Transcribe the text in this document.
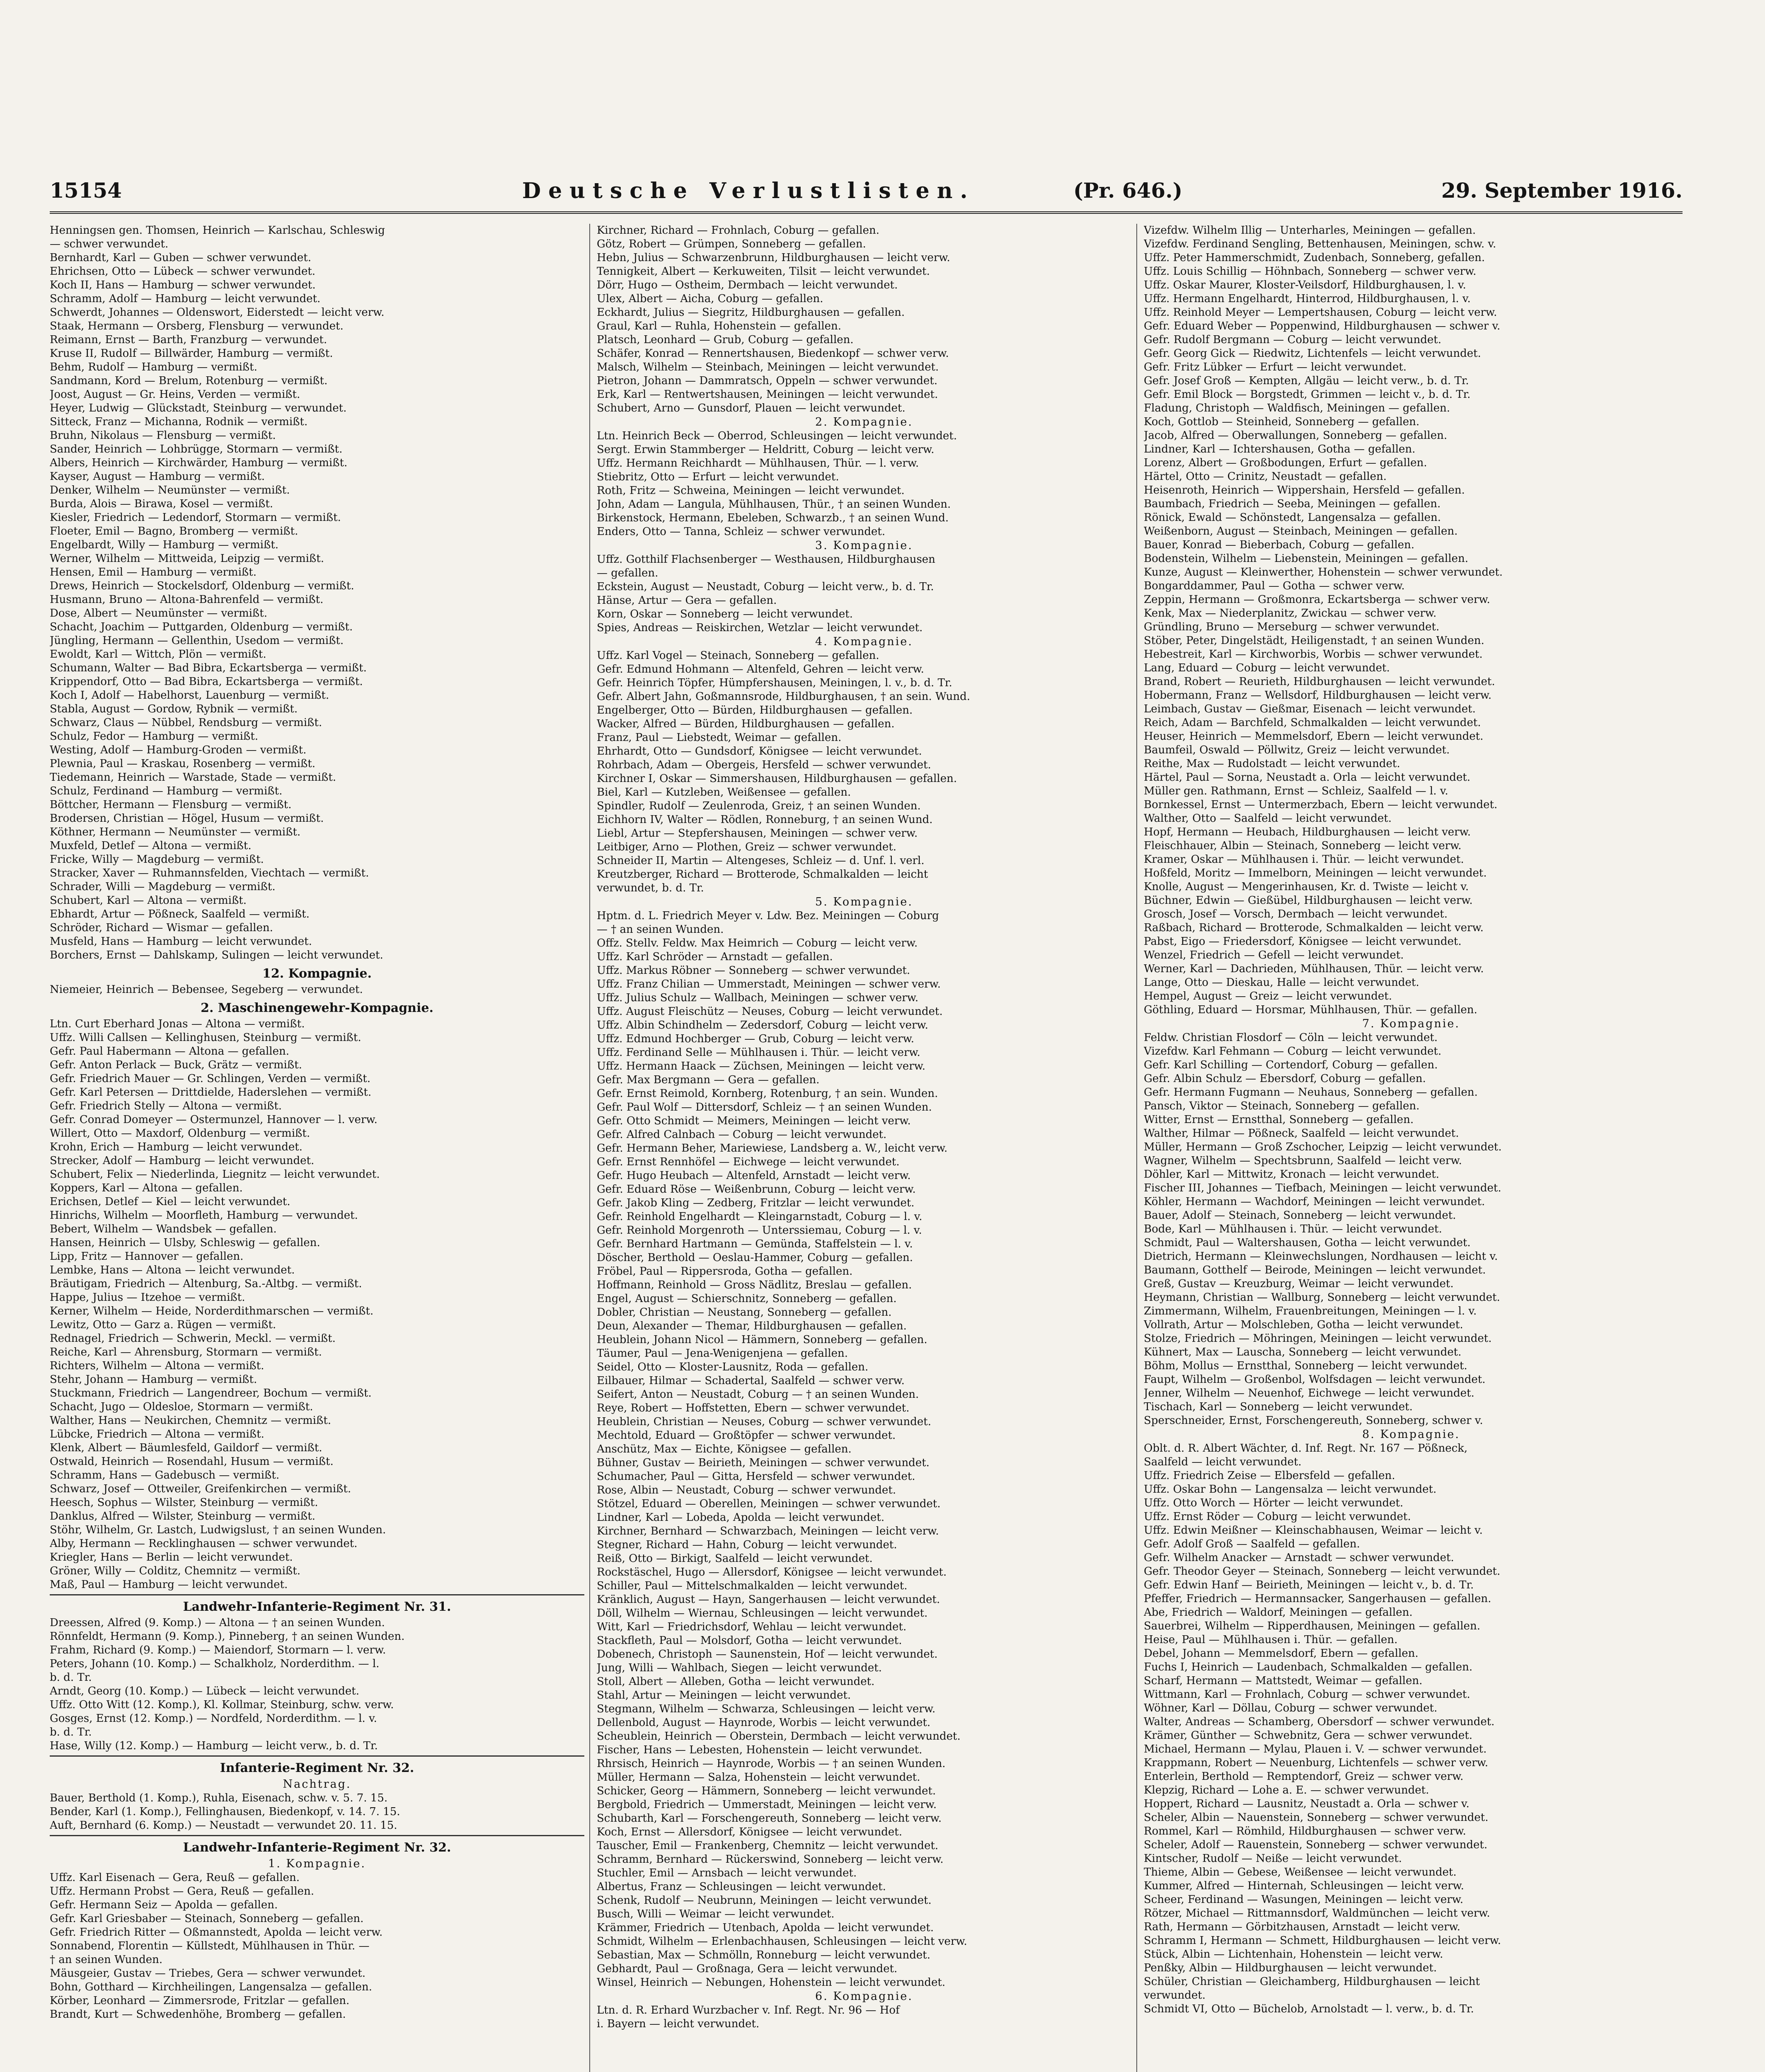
15154	Deutsche Verlustlisten.	(Pr. 646.)	29. September 1916.
Henningsen gen. Thomsen, Heinrich — Karlschau, Schleswig
— schwer verwundet.
Bernhardt, Karl — Guben — schwer verwundet.
Ehrichsen, Otto — Lübeck — schwer verwundet.
Koch II, Hans — Hamburg — schwer verwundet.
Schramm, Adolf — Hamburg — leicht verwundet.
Schwerdt, Johannes — Oldenswort, Eiderstedt — leicht verw.
Staak, Hermann — Orsberg, Flensburg — verwundet.
Reimann, Ernst — Barth, Franzburg — verwundet.
Kruse II, Rudolf — Billwärder, Hamburg — vermißt.
Behm, Rudolf — Hamburg — vermißt.
Sandmann, Kord — Brelum, Rotenburg — vermißt.
Joost, August — Gr. Heins, Verden — vermißt.
Heyer, Ludwig — Glückstadt, Steinburg — verwundet.
Sitteck, Franz — Michanna, Rodnik — vermißt.
Bruhn, Nikolaus — Flensburg — vermißt.
Sander, Heinrich — Lohbrügge, Stormarn — vermißt.
Albers, Heinrich — Kirchwärder, Hamburg — vermißt.
Kayser, August — Hamburg — vermißt.
Denker, Wilhelm — Neumünster — vermißt.
Burda, Alois — Birawa, Kosel — vermißt.
Kiesler, Friedrich — Ledendorf, Stormarn — vermißt.
Floeter, Emil — Bagno, Bromberg — vermißt.
Engelbardt, Willy — Hamburg — vermißt.
Werner, Wilhelm — Mittweida, Leipzig — vermißt.
Hensen, Emil — Hamburg — vermißt.
Drews, Heinrich — Stockelsdorf, Oldenburg — vermißt.
Husmann, Bruno — Altona-Bahrenfeld — vermißt.
Dose, Albert — Neumünster — vermißt.
Schacht, Joachim — Puttgarden, Oldenburg — vermißt.
Jüngling, Hermann — Gellenthin, Usedom — vermißt.
Ewoldt, Karl — Wittch, Plön — vermißt.
Schumann, Walter — Bad Bibra, Eckartsberga — vermißt.
Krippendorf, Otto — Bad Bibra, Eckartsberga — vermißt.
Koch I, Adolf — Habelhorst, Lauenburg — vermißt.
Stabla, August — Gordow, Rybnik — vermißt.
Schwarz, Claus — Nübbel, Rendsburg — vermißt.
Schulz, Fedor — Hamburg — vermißt.
Westing, Adolf — Hamburg-Groden — vermißt.
Plewnia, Paul — Kraskau, Rosenberg — vermißt.
Tiedemann, Heinrich — Warstade, Stade — vermißt.
Schulz, Ferdinand — Hamburg — vermißt.
Böttcher, Hermann — Flensburg — vermißt.
Brodersen, Christian — Högel, Husum — vermißt.
Köthner, Hermann — Neumünster — vermißt.
Muxfeld, Detlef — Altona — vermißt.
Fricke, Willy — Magdeburg — vermißt.
Stracker, Xaver — Ruhmannsfelden, Viechtach — vermißt.
Schrader, Willi — Magdeburg — vermißt.
Schubert, Karl — Altona — vermißt.
Ebhardt, Artur — Pößneck, Saalfeld — vermißt.
Schröder, Richard — Wismar — gefallen.
Musfeld, Hans — Hamburg — leicht verwundet.
Borchers, Ernst — Dahlskamp, Sulingen — leicht verwundet.
12. Kompagnie.
Niemeier, Heinrich — Bebensee, Segeberg — verwundet.
2. Maschinengewehr-Kompagnie.
Ltn. Curt Eberhard Jonas — Altona — vermißt.
Uffz. Willi Callsen — Kellinghusen, Steinburg — vermißt.
Gefr. Paul Habermann — Altona — gefallen.
Gefr. Anton Perlack — Buck, Grätz — vermißt.
Gefr. Friedrich Mauer — Gr. Schlingen, Verden — vermißt.
Gefr. Karl Petersen — Drittdielde, Haderslehen — vermißt.
Gefr. Friedrich Stelly — Altona — vermißt.
Gefr. Conrad Domeyer — Ostermunzel, Hannover — l. verw.
Willert, Otto — Maxdorf, Oldenburg — vermißt.
Krohn, Erich — Hamburg — leicht verwundet.
Strecker, Adolf — Hamburg — leicht verwundet.
Schubert, Felix — Niederlinda, Liegnitz — leicht verwundet.
Koppers, Karl — Altona — gefallen.
Erichsen, Detlef — Kiel — leicht verwundet.
Hinrichs, Wilhelm — Moorfleth, Hamburg — verwundet.
Bebert, Wilhelm — Wandsbek — gefallen.
Hansen, Heinrich — Ulsby, Schleswig — gefallen.
Lipp, Fritz — Hannover — gefallen.
Lembke, Hans — Altona — leicht verwundet.
Bräutigam, Friedrich — Altenburg, Sa.-Altbg. — vermißt.
Happe, Julius — Itzehoe — vermißt.
Kerner, Wilhelm — Heide, Norderdithmarschen — vermißt.
Lewitz, Otto — Garz a. Rügen — vermißt.
Rednagel, Friedrich — Schwerin, Meckl. — vermißt.
Reiche, Karl — Ahrensburg, Stormarn — vermißt.
Richters, Wilhelm — Altona — vermißt.
Stehr, Johann — Hamburg — vermißt.
Stuckmann, Friedrich — Langendreer, Bochum — vermißt.
Schacht, Jugo — Oldesloe, Stormarn — vermißt.
Walther, Hans — Neukirchen, Chemnitz — vermißt.
Lübcke, Friedrich — Altona — vermißt.
Klenk, Albert — Bäumlesfeld, Gaildorf — vermißt.
Ostwald, Heinrich — Rosendahl, Husum — vermißt.
Schramm, Hans — Gadebusch — vermißt.
Schwarz, Josef — Ottweiler, Greifenkirchen — vermißt.
Heesch, Sophus — Wilster, Steinburg — vermißt.
Danklus, Alfred — Wilster, Steinburg — vermißt.
Stöhr, Wilhelm, Gr. Lastch, Ludwigslust, † an seinen Wunden.
Alby, Hermann — Recklinghausen — schwer verwundet.
Kriegler, Hans — Berlin — leicht verwundet.
Gröner, Willy — Colditz, Chemnitz — vermißt.
Maß, Paul — Hamburg — leicht verwundet.
Landwehr-Infanterie-Regiment Nr. 31.
Dreessen, Alfred (9. Komp.) — Altona — † an seinen Wunden.
Rönnfeldt, Hermann (9. Komp.), Pinneberg, † an seinen Wunden.
Frahm, Richard (9. Komp.) — Maiendorf, Stormarn — l. verw.
Peters, Johann (10. Komp.) — Schalkholz, Norderdithm. — l.
b. d. Tr.
Arndt, Georg (10. Komp.) — Lübeck — leicht verwundet.
Uffz. Otto Witt (12. Komp.), Kl. Kollmar, Steinburg, schw. verw.
Gosges, Ernst (12. Komp.) — Nordfeld, Norderdithm. — l. v.
b. d. Tr.
Hase, Willy (12. Komp.) — Hamburg — leicht verw., b. d. Tr.
Infanterie-Regiment Nr. 32.
Nachtrag.
Bauer, Berthold (1. Komp.), Ruhla, Eisenach, schw. v. 5. 7. 15.
Bender, Karl (1. Komp.), Fellinghausen, Biedenkopf, v. 14. 7. 15.
Auft, Bernhard (6. Komp.) — Neustadt — verwundet 20. 11. 15.
Landwehr-Infanterie-Regiment Nr. 32.
1. Kompagnie.
Uffz. Karl Eisenach — Gera, Reuß — gefallen.
Uffz. Hermann Probst — Gera, Reuß — gefallen.
Gefr. Hermann Seiz — Apolda — gefallen.
Gefr. Karl Griesbaber — Steinach, Sonneberg — gefallen.
Gefr. Friedrich Ritter — Oßmannstedt, Apolda — leicht verw.
Sonnabend, Florentin — Küllstedt, Mühlhausen in Thür. —
† an seinen Wunden.
Mäusgeier, Gustav — Triebes, Gera — schwer verwundet.
Bohn, Gotthard — Kirchheilingen, Langensalza — gefallen.
Körber, Leonhard — Zimmersrode, Fritzlar — gefallen.
Brandt, Kurt — Schwedenhöhe, Bromberg — gefallen.
Kirchner, Richard — Frohnlach, Coburg — gefallen.
Götz, Robert — Grümpen, Sonneberg — gefallen.
Hebn, Julius — Schwarzenbrunn, Hildburghausen — leicht verw.
Tennigkeit, Albert — Kerkuweiten, Tilsit — leicht verwundet.
Dörr, Hugo — Ostheim, Dermbach — leicht verwundet.
Ulex, Albert — Aicha, Coburg — gefallen.
Eckhardt, Julius — Siegritz, Hildburghausen — gefallen.
Graul, Karl — Ruhla, Hohenstein — gefallen.
Platsch, Leonhard — Grub, Coburg — gefallen.
Schäfer, Konrad — Rennertshausen, Biedenkopf — schwer verw.
Malsch, Wilhelm — Steinbach, Meiningen — leicht verwundet.
Pietron, Johann — Dammratsch, Oppeln — schwer verwundet.
Erk, Karl — Rentwertshausen, Meiningen — leicht verwundet.
Schubert, Arno — Gunsdorf, Plauen — leicht verwundet.
2. Kompagnie.
Ltn. Heinrich Beck — Oberrod, Schleusingen — leicht verwundet.
Sergt. Erwin Stammberger — Heldritt, Coburg — leicht verw.
Uffz. Hermann Reichhardt — Mühlhausen, Thür. — l. verw.
Stiebritz, Otto — Erfurt — leicht verwundet.
Roth, Fritz — Schweina, Meiningen — leicht verwundet.
John, Adam — Langula, Mühlhausen, Thür., † an seinen Wunden.
Birkenstock, Hermann, Ebeleben, Schwarzb., † an seinen Wund.
Enders, Otto — Tanna, Schleiz — schwer verwundet.
3. Kompagnie.
Uffz. Gotthilf Flachsenberger — Westhausen, Hildburghausen
— gefallen.
Eckstein, August — Neustadt, Coburg — leicht verw., b. d. Tr.
Hänse, Artur — Gera — gefallen.
Korn, Oskar — Sonneberg — leicht verwundet.
Spies, Andreas — Reiskirchen, Wetzlar — leicht verwundet.
4. Kompagnie.
Uffz. Karl Vogel — Steinach, Sonneberg — gefallen.
Gefr. Edmund Hohmann — Altenfeld, Gehren — leicht verw.
Gefr. Heinrich Töpfer, Hümpfershausen, Meiningen, l. v., b. d. Tr.
Gefr. Albert Jahn, Goßmannsrode, Hildburghausen, † an sein. Wund.
Engelberger, Otto — Bürden, Hildburghausen — gefallen.
Wacker, Alfred — Bürden, Hildburghausen — gefallen.
Franz, Paul — Liebstedt, Weimar — gefallen.
Ehrhardt, Otto — Gundsdorf, Königsee — leicht verwundet.
Rohrbach, Adam — Obergeis, Hersfeld — schwer verwundet.
Kirchner I, Oskar — Simmershausen, Hildburghausen — gefallen.
Biel, Karl — Kutzleben, Weißensee — gefallen.
Spindler, Rudolf — Zeulenroda, Greiz, † an seinen Wunden.
Eichhorn IV, Walter — Rödlen, Ronneburg, † an seinen Wund.
Liebl, Artur — Stepfershausen, Meiningen — schwer verw.
Leitbiger, Arno — Plothen, Greiz — schwer verwundet.
Schneider II, Martin — Altengeses, Schleiz — d. Unf. l. verl.
Kreutzberger, Richard — Brotterode, Schmalkalden — leicht
verwundet, b. d. Tr.
5. Kompagnie.
Hptm. d. L. Friedrich Meyer v. Ldw. Bez. Meiningen — Coburg
— † an seinen Wunden.
Offz. Stellv. Feldw. Max Heimrich — Coburg — leicht verw.
Uffz. Karl Schröder — Arnstadt — gefallen.
Uffz. Markus Röbner — Sonneberg — schwer verwundet.
Uffz. Franz Chilian — Ummerstadt, Meiningen — schwer verw.
Uffz. Julius Schulz — Wallbach, Meiningen — schwer verw.
Uffz. August Fleischütz — Neuses, Coburg — leicht verwundet.
Uffz. Albin Schindhelm — Zedersdorf, Coburg — leicht verw.
Uffz. Edmund Hochberger — Grub, Coburg — leicht verw.
Uffz. Ferdinand Selle — Mühlhausen i. Thür. — leicht verw.
Uffz. Hermann Haack — Züchsen, Meiningen — leicht verw.
Gefr. Max Bergmann — Gera — gefallen.
Gefr. Ernst Reimold, Kornberg, Rotenburg, † an sein. Wunden.
Gefr. Paul Wolf — Dittersdorf, Schleiz — † an seinen Wunden.
Gefr. Otto Schmidt — Meimers, Meiningen — leicht verw.
Gefr. Alfred Calnbach — Coburg — leicht verwundet.
Gefr. Hermann Beher, Mariewiese, Landsberg a. W., leicht verw.
Gefr. Ernst Rennhöfel — Eichwege — leicht verwundet.
Gefr. Hugo Heubach — Altenfeld, Arnstadt — leicht verw.
Gefr. Eduard Röse — Weißenbrunn, Coburg — leicht verw.
Gefr. Jakob Kling — Zedberg, Fritzlar — leicht verwundet.
Gefr. Reinhold Engelhardt — Kleingarnstadt, Coburg — l. v.
Gefr. Reinhold Morgenroth — Unterssiemau, Coburg — l. v.
Gefr. Bernhard Hartmann — Gemünda, Staffelstein — l. v.
Döscher, Berthold — Oeslau-Hammer, Coburg — gefallen.
Fröbel, Paul — Rippersroda, Gotha — gefallen.
Hoffmann, Reinhold — Gross Nädlitz, Breslau — gefallen.
Engel, August — Schierschnitz, Sonneberg — gefallen.
Dobler, Christian — Neustang, Sonneberg — gefallen.
Deun, Alexander — Themar, Hildburghausen — gefallen.
Heublein, Johann Nicol — Hämmern, Sonneberg — gefallen.
Täumer, Paul — Jena-Wenigenjena — gefallen.
Seidel, Otto — Kloster-Lausnitz, Roda — gefallen.
Eilbauer, Hilmar — Schadertal, Saalfeld — schwer verw.
Seifert, Anton — Neustadt, Coburg — † an seinen Wunden.
Reye, Robert — Hoffstetten, Ebern — schwer verwundet.
Heublein, Christian — Neuses, Coburg — schwer verwundet.
Mechtold, Eduard — Großtöpfer — schwer verwundet.
Anschütz, Max — Eichte, Königsee — gefallen.
Bühner, Gustav — Beirieth, Meiningen — schwer verwundet.
Schumacher, Paul — Gitta, Hersfeld — schwer verwundet.
Rose, Albin — Neustadt, Coburg — schwer verwundet.
Stötzel, Eduard — Oberellen, Meiningen — schwer verwundet.
Lindner, Karl — Lobeda, Apolda — leicht verwundet.
Kirchner, Bernhard — Schwarzbach, Meiningen — leicht verw.
Stegner, Richard — Hahn, Coburg — leicht verwundet.
Reiß, Otto — Birkigt, Saalfeld — leicht verwundet.
Rockstäschel, Hugo — Allersdorf, Königsee — leicht verwundet.
Schiller, Paul — Mittelschmalkalden — leicht verwundet.
Kränklich, August — Hayn, Sangerhausen — leicht verwundet.
Döll, Wilhelm — Wiernau, Schleusingen — leicht verwundet.
Witt, Karl — Friedrichsdorf, Wehlau — leicht verwundet.
Stackfleth, Paul — Molsdorf, Gotha — leicht verwundet.
Dobenech, Christoph — Saunenstein, Hof — leicht verwundet.
Jung, Willi — Wahlbach, Siegen — leicht verwundet.
Stoll, Albert — Alleben, Gotha — leicht verwundet.
Stahl, Artur — Meiningen — leicht verwundet.
Stegmann, Wilhelm — Schwarza, Schleusingen — leicht verw.
Dellenbold, August — Haynrode, Worbis — leicht verwundet.
Scheublein, Heinrich — Oberstein, Dermbach — leicht verwundet.
Fischer, Hans — Lebesten, Hohenstein — leicht verwundet.
Rhrsisch, Heinrich — Haynrode, Worbis — † an seinen Wunden.
Müller, Hermann — Salza, Hohenstein — leicht verwundet.
Schicker, Georg — Hämmern, Sonneberg — leicht verwundet.
Bergbold, Friedrich — Ummerstadt, Meiningen — leicht verw.
Schubarth, Karl — Forschengereuth, Sonneberg — leicht verw.
Koch, Ernst — Allersdorf, Königsee — leicht verwundet.
Tauscher, Emil — Frankenberg, Chemnitz — leicht verwundet.
Schramm, Bernhard — Rückerswind, Sonneberg — leicht verw.
Stuchler, Emil — Arnsbach — leicht verwundet.
Albertus, Franz — Schleusingen — leicht verwundet.
Schenk, Rudolf — Neubrunn, Meiningen — leicht verwundet.
Busch, Willi — Weimar — leicht verwundet.
Krämmer, Friedrich — Utenbach, Apolda — leicht verwundet.
Schmidt, Wilhelm — Erlenbachhausen, Schleusingen — leicht verw.
Sebastian, Max — Schmölln, Ronneburg — leicht verwundet.
Gebhardt, Paul — Großnaga, Gera — leicht verwundet.
Winsel, Heinrich — Nebungen, Hohenstein — leicht verwundet.
6. Kompagnie.
Ltn. d. R. Erhard Wurzbacher v. Inf. Regt. Nr. 96 — Hof
i. Bayern — leicht verwundet.
Vizefdw. Wilhelm Illig — Unterharles, Meiningen — gefallen.
Vizefdw. Ferdinand Sengling, Bettenhausen, Meiningen, schw. v.
Uffz. Peter Hammerschmidt, Zudenbach, Sonneberg, gefallen.
Uffz. Louis Schillig — Höhnbach, Sonneberg — schwer verw.
Uffz. Oskar Maurer, Kloster-Veilsdorf, Hildburghausen, l. v.
Uffz. Hermann Engelhardt, Hinterrod, Hildburghausen, l. v.
Uffz. Reinhold Meyer — Lempertshausen, Coburg — leicht verw.
Gefr. Eduard Weber — Poppenwind, Hildburghausen — schwer v.
Gefr. Rudolf Bergmann — Coburg — leicht verwundet.
Gefr. Georg Gick — Riedwitz, Lichtenfels — leicht verwundet.
Gefr. Fritz Lübker — Erfurt — leicht verwundet.
Gefr. Josef Groß — Kempten, Allgäu — leicht verw., b. d. Tr.
Gefr. Emil Block — Borgstedt, Grimmen — leicht v., b. d. Tr.
Fladung, Christoph — Waldfisch, Meiningen — gefallen.
Koch, Gottlob — Steinheid, Sonneberg — gefallen.
Jacob, Alfred — Oberwallungen, Sonneberg — gefallen.
Lindner, Karl — Ichtershausen, Gotha — gefallen.
Lorenz, Albert — Großbodungen, Erfurt — gefallen.
Härtel, Otto — Crinitz, Neustadt — gefallen.
Heisenroth, Heinrich — Wippershain, Hersfeld — gefallen.
Baumbach, Friedrich — Seeba, Meiningen — gefallen.
Rönick, Ewald — Schönstedt, Langensalza — gefallen.
Weißenborn, August — Steinbach, Meiningen — gefallen.
Bauer, Konrad — Bieberbach, Coburg — gefallen.
Bodenstein, Wilhelm — Liebenstein, Meiningen — gefallen.
Kunze, August — Kleinwerther, Hohenstein — schwer verwundet.
Bongarddammer, Paul — Gotha — schwer verw.
Zeppin, Hermann — Großmonra, Eckartsberga — schwer verw.
Kenk, Max — Niederplanitz, Zwickau — schwer verw.
Gründling, Bruno — Merseburg — schwer verwundet.
Stöber, Peter, Dingelstädt, Heiligenstadt, † an seinen Wunden.
Hebestreit, Karl — Kirchworbis, Worbis — schwer verwundet.
Lang, Eduard — Coburg — leicht verwundet.
Brand, Robert — Reurieth, Hildburghausen — leicht verwundet.
Hobermann, Franz — Wellsdorf, Hildburghausen — leicht verw.
Leimbach, Gustav — Gießmar, Eisenach — leicht verwundet.
Reich, Adam — Barchfeld, Schmalkalden — leicht verwundet.
Heuser, Heinrich — Memmelsdorf, Ebern — leicht verwundet.
Baumfeil, Oswald — Pöllwitz, Greiz — leicht verwundet.
Reithe, Max — Rudolstadt — leicht verwundet.
Härtel, Paul — Sorna, Neustadt a. Orla — leicht verwundet.
Müller gen. Rathmann, Ernst — Schleiz, Saalfeld — l. v.
Bornkessel, Ernst — Untermerzbach, Ebern — leicht verwundet.
Walther, Otto — Saalfeld — leicht verwundet.
Hopf, Hermann — Heubach, Hildburghausen — leicht verw.
Fleischhauer, Albin — Steinach, Sonneberg — leicht verw.
Kramer, Oskar — Mühlhausen i. Thür. — leicht verwundet.
Hoßfeld, Moritz — Immelborn, Meiningen — leicht verwundet.
Knolle, August — Mengerinhausen, Kr. d. Twiste — leicht v.
Büchner, Edwin — Gießübel, Hildburghausen — leicht verw.
Grosch, Josef — Vorsch, Dermbach — leicht verwundet.
Raßbach, Richard — Brotterode, Schmalkalden — leicht verw.
Pabst, Eigo — Friedersdorf, Königsee — leicht verwundet.
Wenzel, Friedrich — Gefell — leicht verwundet.
Werner, Karl — Dachrieden, Mühlhausen, Thür. — leicht verw.
Lange, Otto — Dieskau, Halle — leicht verwundet.
Hempel, August — Greiz — leicht verwundet.
Göthling, Eduard — Horsmar, Mühlhausen, Thür. — gefallen.
7. Kompagnie.
Feldw. Christian Flosdorf — Cöln — leicht verwundet.
Vizefdw. Karl Fehmann — Coburg — leicht verwundet.
Gefr. Karl Schilling — Cortendorf, Coburg — gefallen.
Gefr. Albin Schulz — Ebersdorf, Coburg — gefallen.
Gefr. Hermann Fugmann — Neuhaus, Sonneberg — gefallen.
Pansch, Viktor — Steinach, Sonneberg — gefallen.
Witter, Ernst — Ernstthal, Sonneberg — gefallen.
Walther, Hilmar — Pößneck, Saalfeld — leicht verwundet.
Müller, Hermann — Groß Zschocher, Leipzig — leicht verwundet.
Wagner, Wilhelm — Spechtsbrunn, Saalfeld — leicht verw.
Döhler, Karl — Mittwitz, Kronach — leicht verwundet.
Fischer III, Johannes — Tiefbach, Meiningen — leicht verwundet.
Köhler, Hermann — Wachdorf, Meiningen — leicht verwundet.
Bauer, Adolf — Steinach, Sonneberg — leicht verwundet.
Bode, Karl — Mühlhausen i. Thür. — leicht verwundet.
Schmidt, Paul — Waltershausen, Gotha — leicht verwundet.
Dietrich, Hermann — Kleinwechslungen, Nordhausen — leicht v.
Baumann, Gotthelf — Beirode, Meiningen — leicht verwundet.
Greß, Gustav — Kreuzburg, Weimar — leicht verwundet.
Heymann, Christian — Wallburg, Sonneberg — leicht verwundet.
Zimmermann, Wilhelm, Frauenbreitungen, Meiningen — l. v.
Vollrath, Artur — Molschleben, Gotha — leicht verwundet.
Stolze, Friedrich — Möhringen, Meiningen — leicht verwundet.
Kühnert, Max — Lauscha, Sonneberg — leicht verwundet.
Böhm, Mollus — Ernstthal, Sonneberg — leicht verwundet.
Faupt, Wilhelm — Großenbol, Wolfsdagen — leicht verwundet.
Jenner, Wilhelm — Neuenhof, Eichwege — leicht verwundet.
Tischach, Karl — Sonneberg — leicht verwundet.
Sperschneider, Ernst, Forschengereuth, Sonneberg, schwer v.
8. Kompagnie.
Oblt. d. R. Albert Wächter, d. Inf. Regt. Nr. 167 — Pößneck,
Saalfeld — leicht verwundet.
Uffz. Friedrich Zeise — Elbersfeld — gefallen.
Uffz. Oskar Bohn — Langensalza — leicht verwundet.
Uffz. Otto Worch — Hörter — leicht verwundet.
Uffz. Ernst Röder — Coburg — leicht verwundet.
Uffz. Edwin Meißner — Kleinschabhausen, Weimar — leicht v.
Gefr. Adolf Groß — Saalfeld — gefallen.
Gefr. Wilhelm Anacker — Arnstadt — schwer verwundet.
Gefr. Theodor Geyer — Steinach, Sonneberg — leicht verwundet.
Gefr. Edwin Hanf — Beirieth, Meiningen — leicht v., b. d. Tr.
Pfeffer, Friedrich — Hermannsacker, Sangerhausen — gefallen.
Abe, Friedrich — Waldorf, Meiningen — gefallen.
Sauerbrei, Wilhelm — Ripperdhausen, Meiningen — gefallen.
Heise, Paul — Mühlhausen i. Thür. — gefallen.
Debel, Johann — Memmelsdorf, Ebern — gefallen.
Fuchs I, Heinrich — Laudenbach, Schmalkalden — gefallen.
Scharf, Hermann — Mattstedt, Weimar — gefallen.
Wittmann, Karl — Frohnlach, Coburg — schwer verwundet.
Wöhner, Karl — Döllau, Coburg — schwer verwundet.
Walter, Andreas — Schamberg, Obersdorf — schwer verwundet.
Krämer, Günther — Schwebnitz, Gera — schwer verwundet.
Michael, Hermann — Mylau, Plauen i. V. — schwer verwundet.
Krappmann, Robert — Neuenburg, Lichtenfels — schwer verw.
Enterlein, Berthold — Remptendorf, Greiz — schwer verw.
Klepzig, Richard — Lohe a. E. — schwer verwundet.
Hoppert, Richard — Lausnitz, Neustadt a. Orla — schwer v.
Scheler, Albin — Nauenstein, Sonneberg — schwer verwundet.
Rommel, Karl — Römhild, Hildburghausen — schwer verw.
Scheler, Adolf — Rauenstein, Sonneberg — schwer verwundet.
Kintscher, Rudolf — Neiße — leicht verwundet.
Thieme, Albin — Gebese, Weißensee — leicht verwundet.
Kummer, Alfred — Hinternah, Schleusingen — leicht verw.
Scheer, Ferdinand — Wasungen, Meiningen — leicht verw.
Rötzer, Michael — Rittmannsdorf, Waldmünchen — leicht verw.
Rath, Hermann — Görbitzhausen, Arnstadt — leicht verw.
Schramm I, Hermann — Schmett, Hildburghausen — leicht verw.
Stück, Albin — Lichtenhain, Hohenstein — leicht verw.
Penßky, Albin — Hildburghausen — leicht verwundet.
Schüler, Christian — Gleichamberg, Hildburghausen — leicht
verwundet.
Schmidt VI, Otto — Büchelob, Arnolstadt — l. verw., b. d. Tr.
